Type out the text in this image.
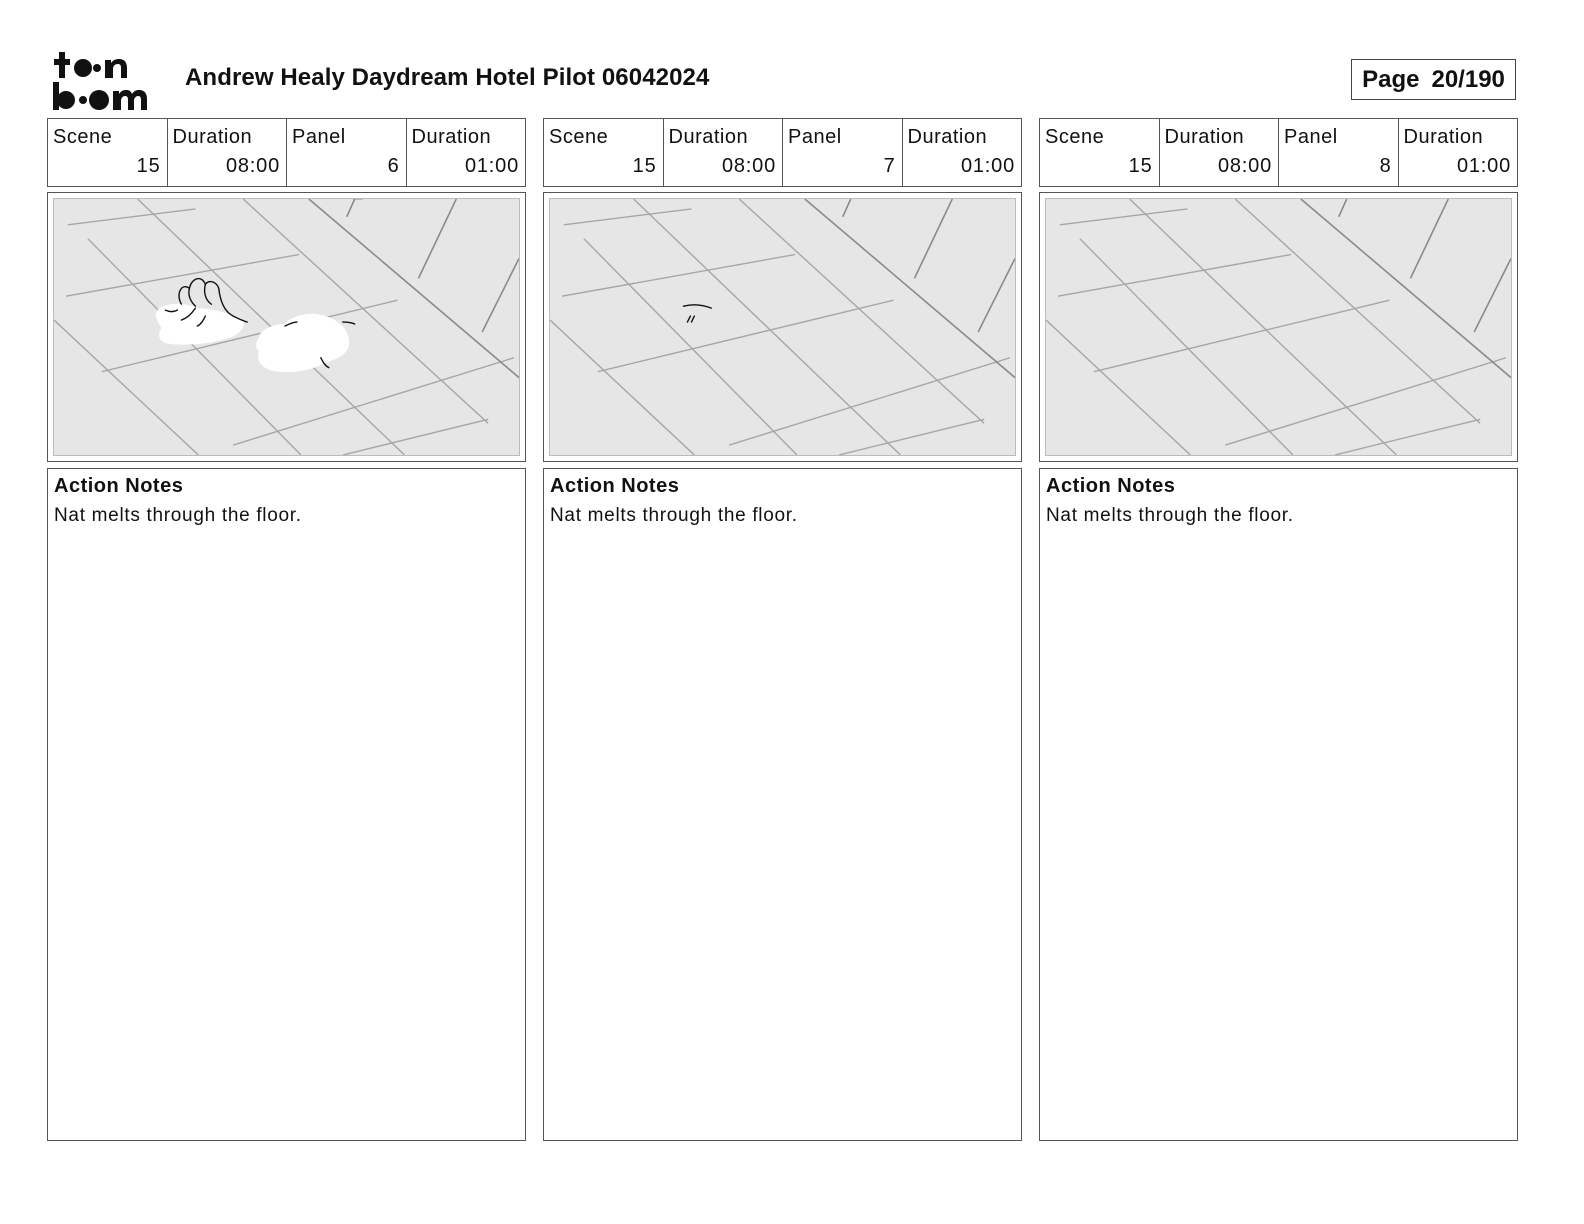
Andrew Healy Daydream Hotel Pilot 06042024	Page 20/190
Scene
15
Duration
08:00
Panel
6
Duration
01:00
Action Notes
Nat melts through the floor.
Scene
15
Duration
08:00
Panel
7
Duration
01:00
Action Notes
Nat melts through the floor.
Scene
15
Duration
08:00
Panel
8
Duration
01:00
Action Notes
Nat melts through the floor.
